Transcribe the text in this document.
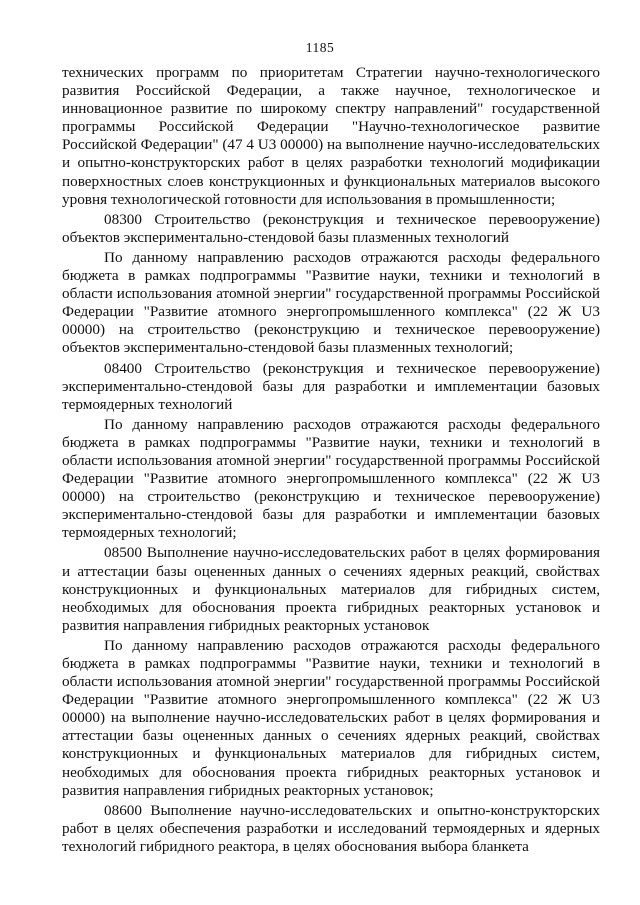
1185

технических программ по приоритетам Стратегии научно-технологического развития Российской Федерации, а также научное, технологическое и инновационное развитие по широкому спектру направлений" государственной программы Российской Федерации "Научно-технологическое развитие Российской Федерации" (47 4 U3 00000) на выполнение научно-исследовательских и опытно-конструкторских работ в целях разработки технологий модификации поверхностных слоев конструкционных и функциональных материалов высокого уровня технологической готовности для использования в промышленности;

08300 Строительство (реконструкция и техническое перевооружение) объектов экспериментально-стендовой базы плазменных технологий

По данному направлению расходов отражаются расходы федерального бюджета в рамках подпрограммы "Развитие науки, техники и технологий в области использования атомной энергии" государственной программы Российской Федерации "Развитие атомного энергопромышленного комплекса" (22 Ж U3 00000) на строительство (реконструкцию и техническое перевооружение) объектов экспериментально-стендовой базы плазменных технологий;

08400 Строительство (реконструкция и техническое перевооружение) экспериментально-стендовой базы для разработки и имплементации базовых термоядерных технологий

По данному направлению расходов отражаются расходы федерального бюджета в рамках подпрограммы "Развитие науки, техники и технологий в области использования атомной энергии" государственной программы Российской Федерации "Развитие атомного энергопромышленного комплекса" (22 Ж U3 00000) на строительство (реконструкцию и техническое перевооружение) экспериментально-стендовой базы для разработки и имплементации базовых термоядерных технологий;

08500 Выполнение научно-исследовательских работ в целях формирования и аттестации базы оцененных данных о сечениях ядерных реакций, свойствах конструкционных и функциональных материалов для гибридных систем, необходимых для обоснования проекта гибридных реакторных установок и развития направления гибридных реакторных установок

По данному направлению расходов отражаются расходы федерального бюджета в рамках подпрограммы "Развитие науки, техники и технологий в области использования атомной энергии" государственной программы Российской Федерации "Развитие атомного энергопромышленного комплекса" (22 Ж U3 00000) на выполнение научно-исследовательских работ в целях формирования и аттестации базы оцененных данных о сечениях ядерных реакций, свойствах конструкционных и функциональных материалов для гибридных систем, необходимых для обоснования проекта гибридных реакторных установок и развития направления гибридных реакторных установок;

08600 Выполнение научно-исследовательских и опытно-конструкторских работ в целях обеспечения разработки и исследований термоядерных и ядерных технологий гибридного реактора, в целях обоснования выбора бланкета
